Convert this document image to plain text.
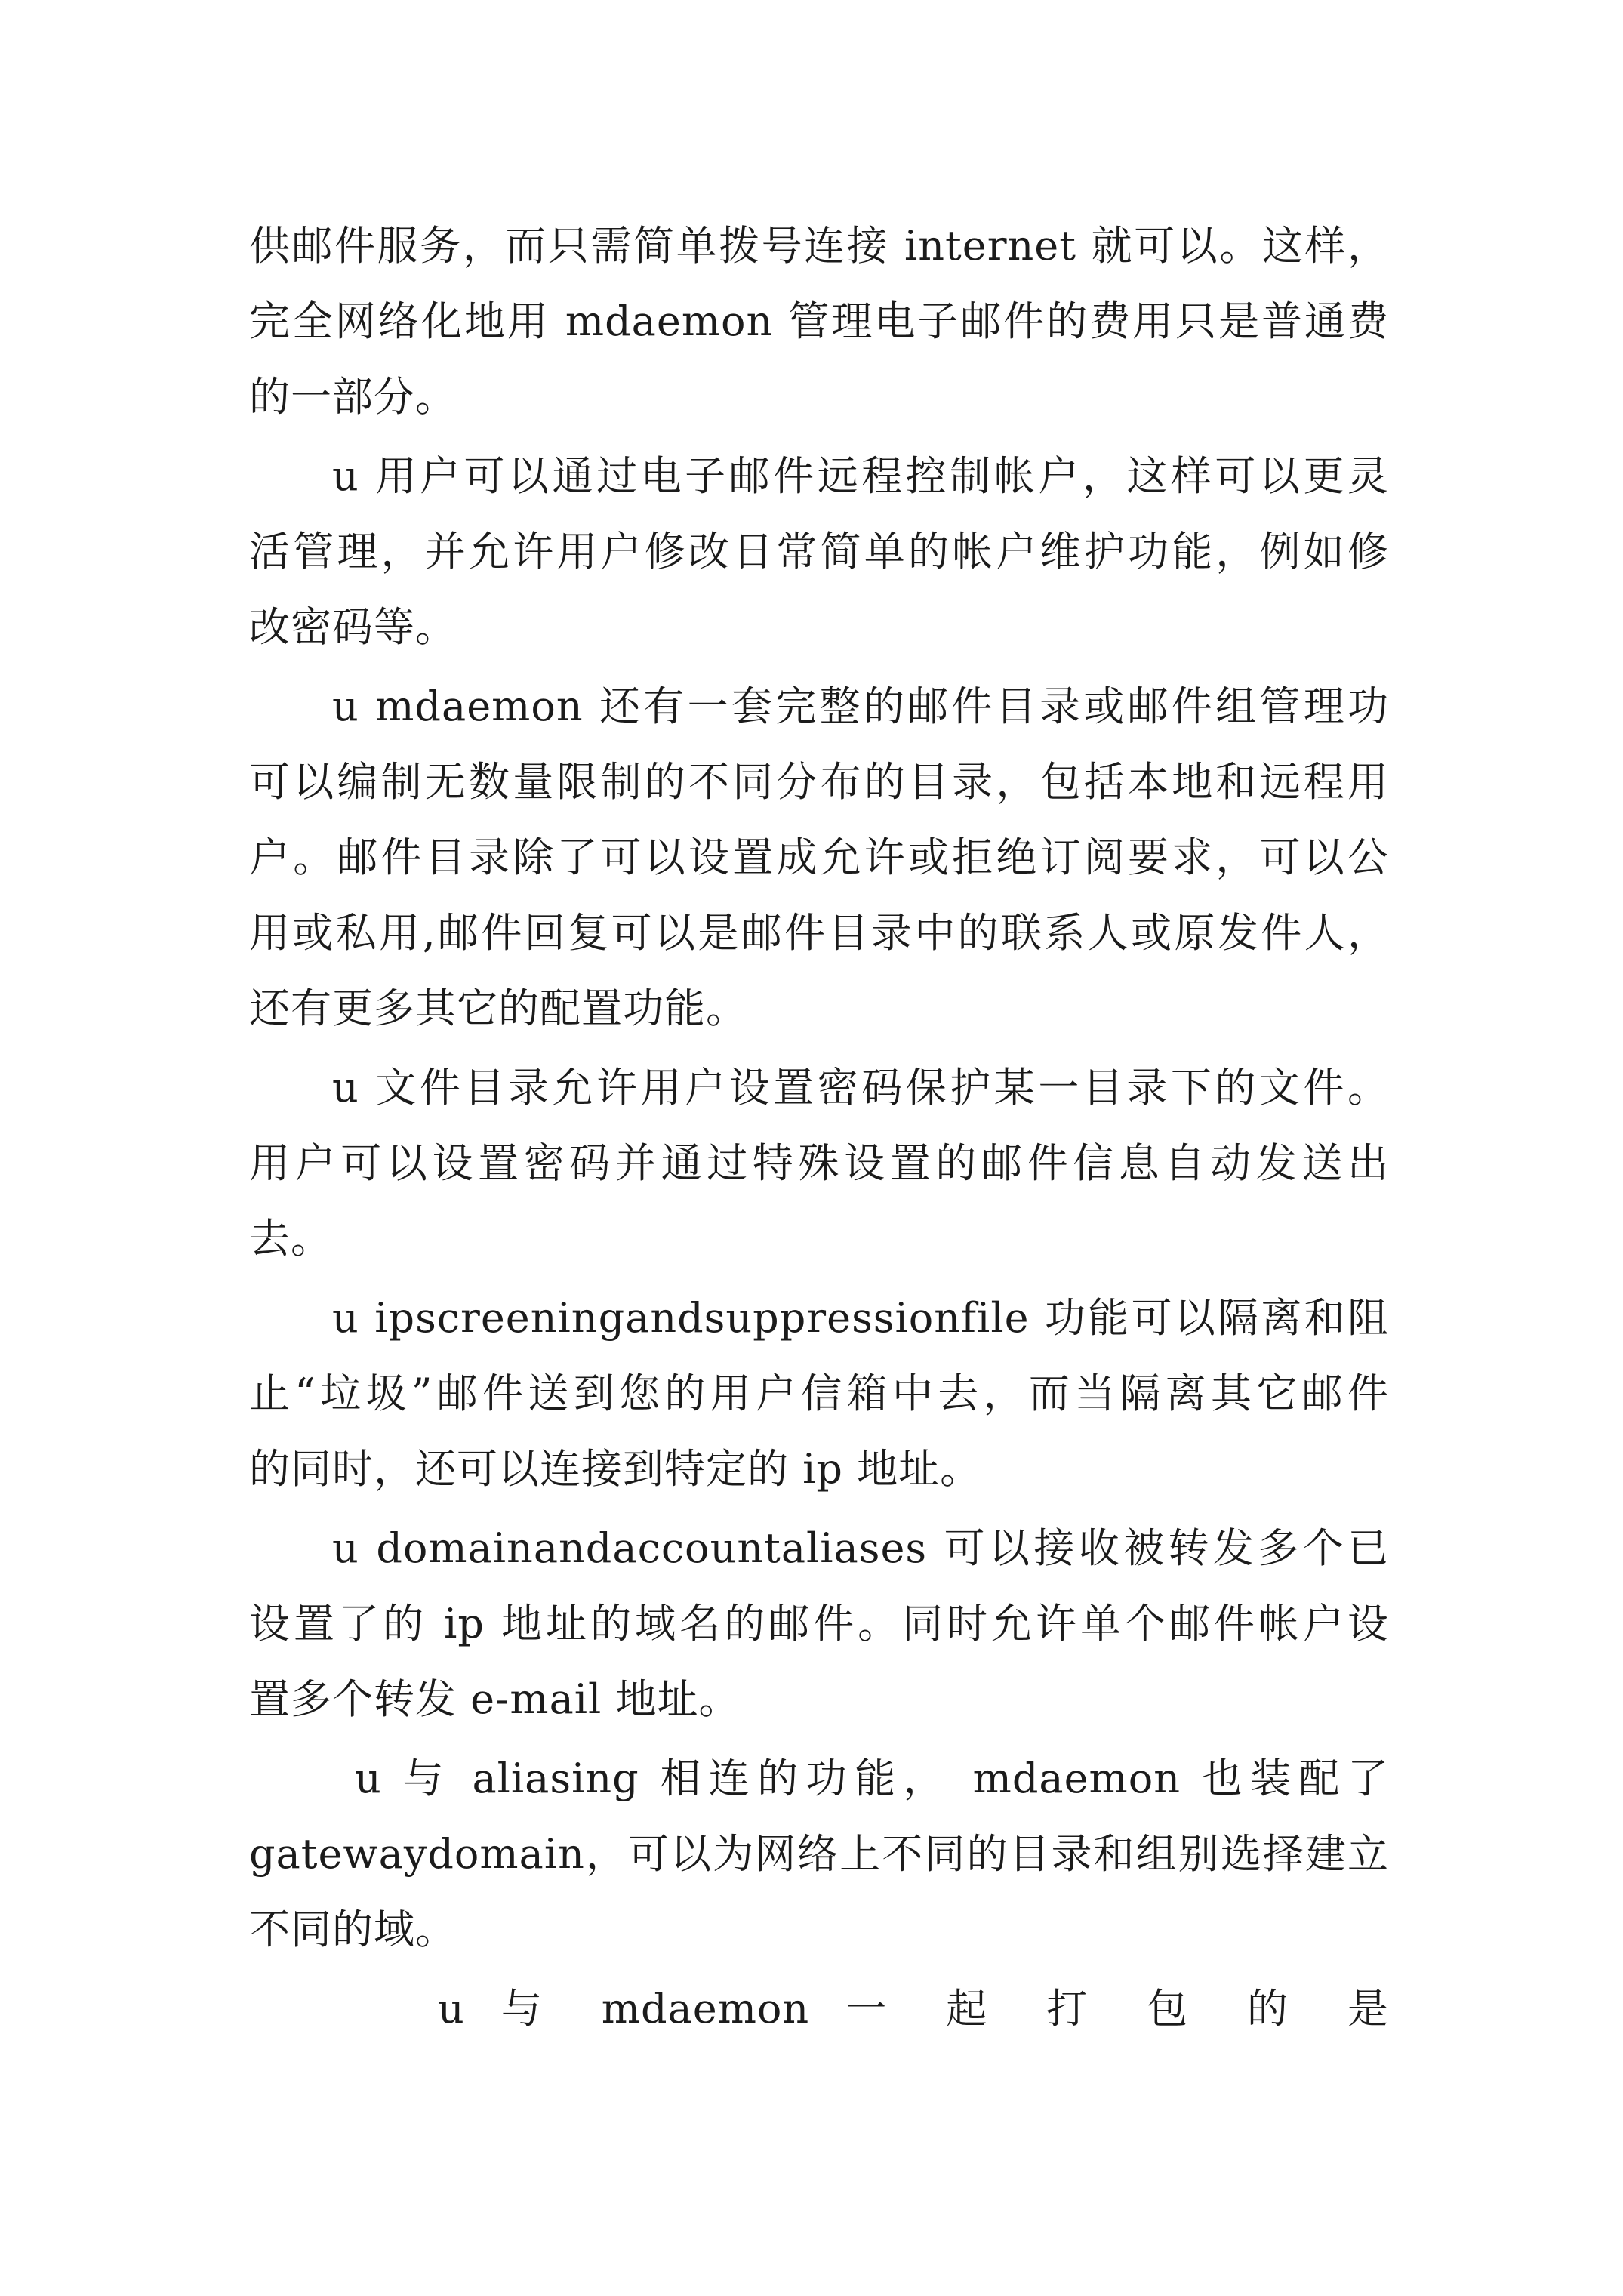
供邮件服务，而只需简单拨号连接 internet 就可以。这样，
完全网络化地用 mdaemon 管理电子邮件的费用只是普通费
的一部分。
u 用户可以通过电子邮件远程控制帐户，这样可以更灵
活管理，并允许用户修改日常简单的帐户维护功能，例如修
改密码等。
u mdaemon 还有一套完整的邮件目录或邮件组管理功
可以编制无数量限制的不同分布的目录，包括本地和远程用
户。邮件目录除了可以设置成允许或拒绝订阅要求，可以公
用或私用,邮件回复可以是邮件目录中的联系人或原发件人，
还有更多其它的配置功能。
u 文件目录允许用户设置密码保护某一目录下的文件。
用户可以设置密码并通过特殊设置的邮件信息自动发送出
去。
u ipscreeningandsuppressionfile 功能可以隔离和阻
止“垃圾”邮件送到您的用户信箱中去，而当隔离其它邮件
的同时，还可以连接到特定的 ip 地址。
u domainandaccountaliases 可以接收被转发多个已
设置了的 ip 地址的域名的邮件。同时允许单个邮件帐户设
置多个转发 e-mail 地址。
u 与 aliasing 相连的功能， mdaemon 也装配了
gatewaydomain，可以为网络上不同的目录和组别选择建立
不同的域。
u 与 mdaemon 一 起 打 包 的 是
